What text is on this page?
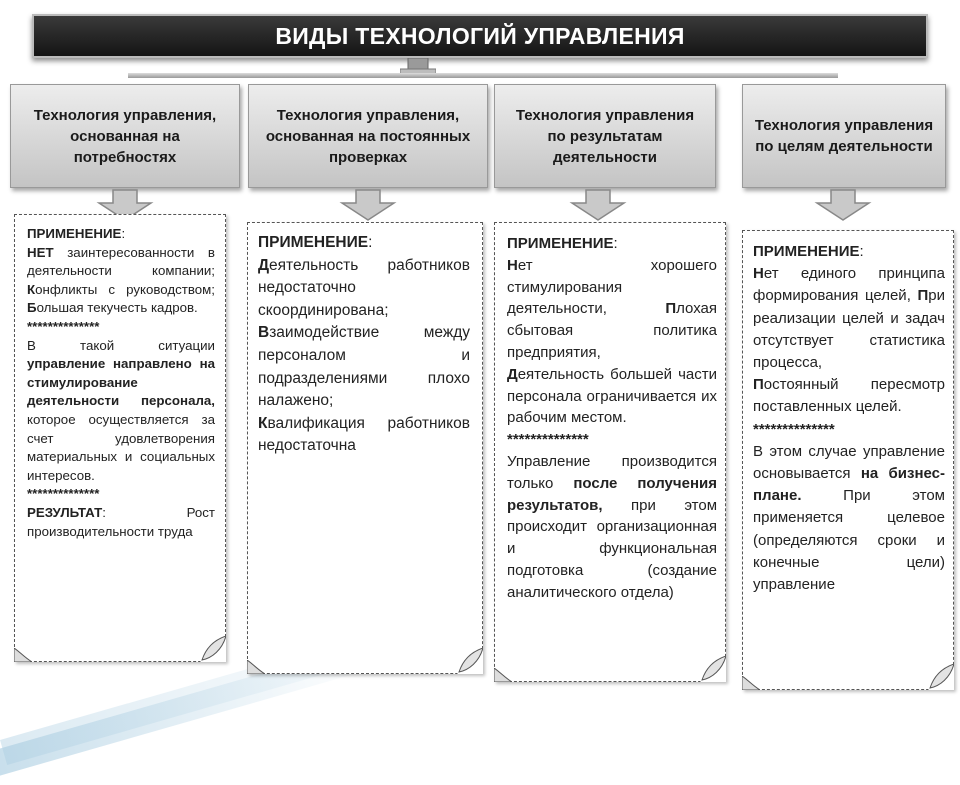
ВИДЫ ТЕХНОЛОГИЙ УПРАВЛЕНИЯ
Технология управления, основанная на потребностях

ПРИМЕНЕНИЕ:

НЕТ заинтересованности в деятельности компании; Конфликты с руководством; Большая текучесть кадров.

**************

В такой ситуации управление направлено на стимулирование деятельности персонала, которое осуществляется за счет удовлетворения материальных и социальных интересов.

**************

РЕЗУЛЬТАТ: Рост производительности труда

Технология управления, основанная на постоянных проверках

ПРИМЕНЕНИЕ:

Деятельность работников недостаточно скоординирована;

Взаимодействие между персоналом и подразделениями плохо налажено;

Квалификация работников недостаточна

Технология управления по результатам деятельности

ПРИМЕНЕНИЕ:

Нет хорошего стимулирования деятельности, Плохая сбытовая политика предприятия,

Деятельность большей части персонала ограничивается их рабочим местом.

**************

Управление производится только после получения результатов, при этом происходит организационная и функциональная подготовка (создание аналитического отдела)

Технология управления по целям деятельности

ПРИМЕНЕНИЕ:

Нет единого принципа формирования целей, При реализации целей и задач отсутствует статистика процесса,

Постоянный пересмотр поставленных целей.

**************

В этом случае управление основывается на бизнес-плане. При этом применяется целевое (определяются сроки и конечные цели) управление
